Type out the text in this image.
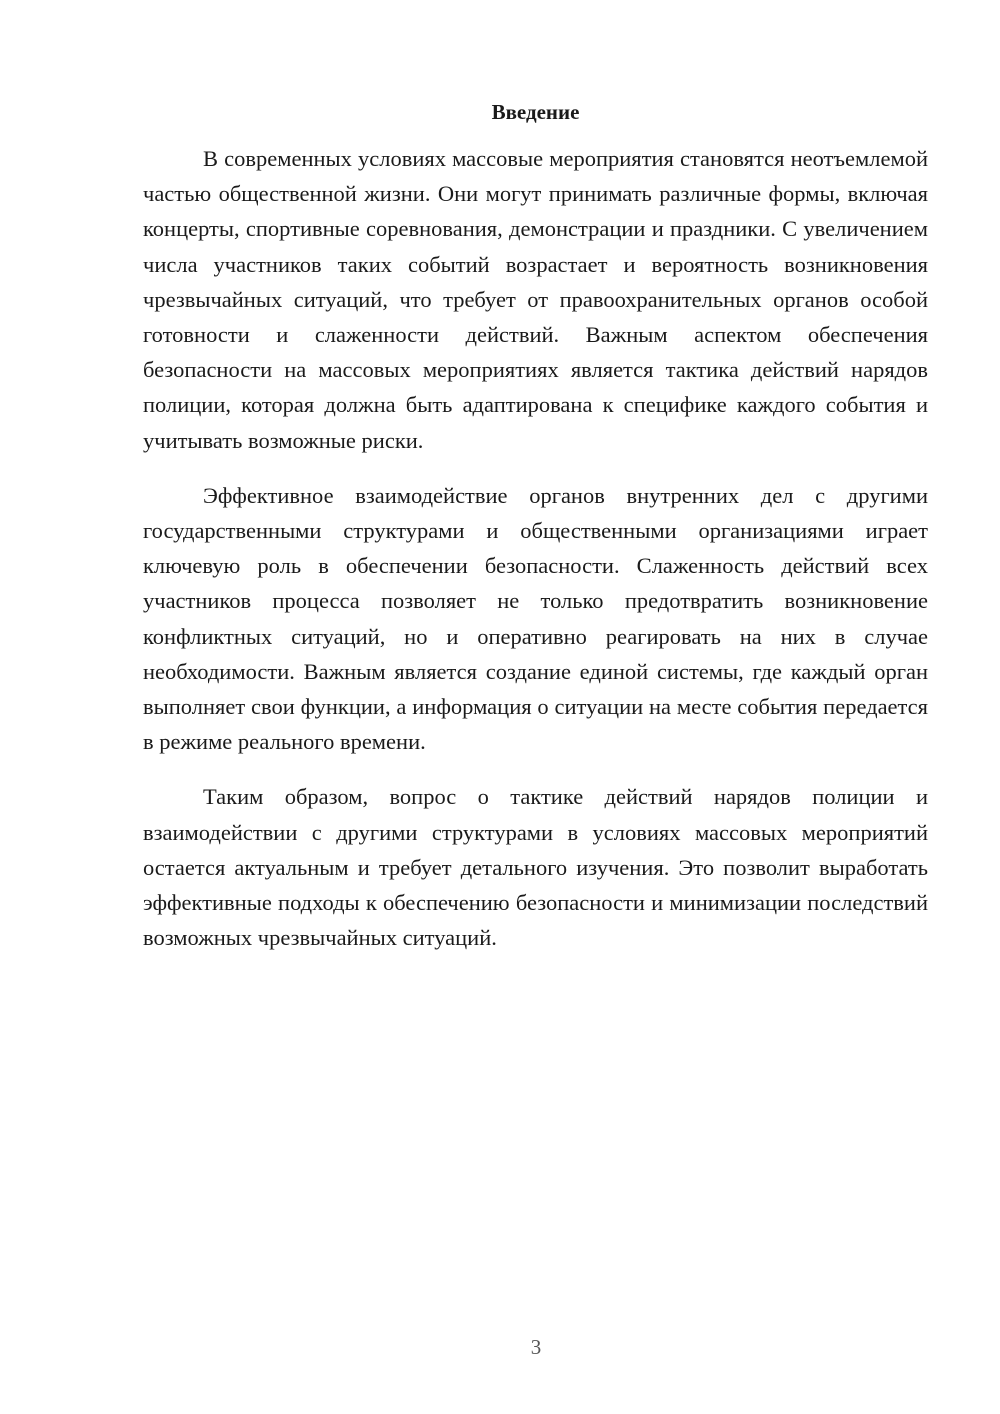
Введение

В современных условиях массовые мероприятия становятся неотъемлемой частью общественной жизни. Они могут принимать различные формы, включая концерты, спортивные соревнования, демонстрации и праздники. С увеличением числа участников таких событий возрастает и вероятность возникновения чрезвычайных ситуаций, что требует от правоохранительных органов особой готовности и слаженности действий. Важным аспектом обеспечения безопасности на массовых мероприятиях является тактика действий нарядов полиции, которая должна быть адаптирована к специфике каждого события и учитывать возможные риски.

Эффективное взаимодействие органов внутренних дел с другими государственными структурами и общественными организациями играет ключевую роль в обеспечении безопасности. Слаженность действий всех участников процесса позволяет не только предотвратить возникновение конфликтных ситуаций, но и оперативно реагировать на них в случае необходимости. Важным является создание единой системы, где каждый орган выполняет свои функции, а информация о ситуации на месте события передается в режиме реального времени.

Таким образом, вопрос о тактике действий нарядов полиции и взаимодействии с другими структурами в условиях массовых мероприятий остается актуальным и требует детального изучения. Это позволит выработать эффективные подходы к обеспечению безопасности и минимизации последствий возможных чрезвычайных ситуаций.

3
